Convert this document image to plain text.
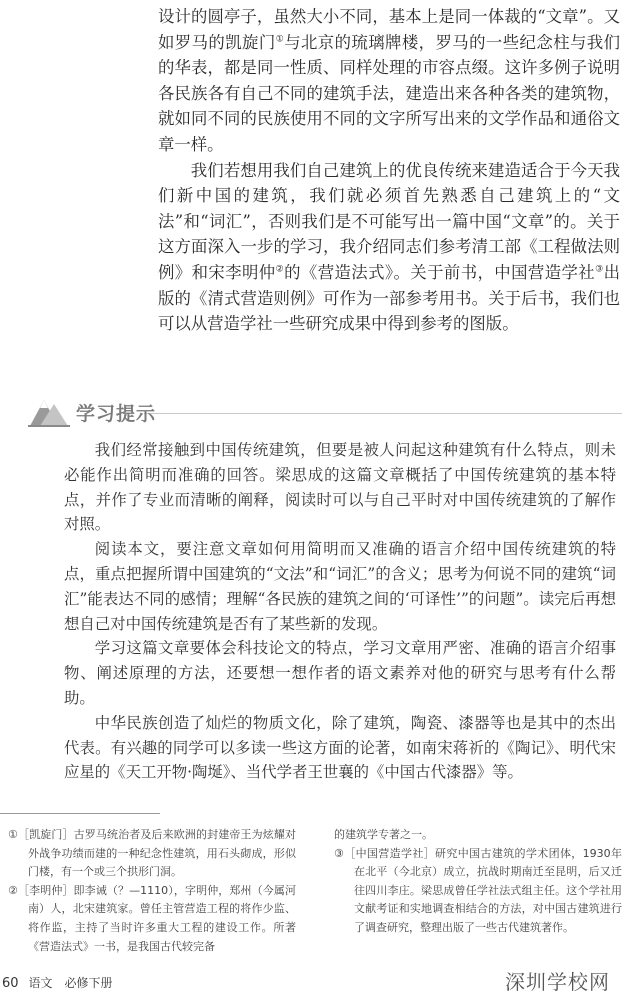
设计的圆亭子，虽然大小不同，基本上是同一体裁的“文章”。又如罗马的凯旋门①与北京的琉璃牌楼，罗马的一些纪念柱与我们的华表，都是同一性质、同样处理的市容点缀。这许多例子说明各民族各有自己不同的建筑手法，建造出来各种各类的建筑物，就如同不同的民族使用不同的文字所写出来的文学作品和通俗文章一样。

我们若想用我们自己建筑上的优良传统来建造适合于今天我们新中国的建筑，我们就必须首先熟悉自己建筑上的“文法”和“词汇”，否则我们是不可能写出一篇中国“文章”的。关于这方面深入一步的学习，我介绍同志们参考清工部《工程做法则例》和宋李明仲②的《营造法式》。关于前书，中国营造学社③出版的《清式营造则例》可作为一部参考用书。关于后书，我们也可以从营造学社一些研究成果中得到参考的图版。

学习提示

我们经常接触到中国传统建筑，但要是被人问起这种建筑有什么特点，则未必能作出简明而准确的回答。梁思成的这篇文章概括了中国传统建筑的基本特点，并作了专业而清晰的阐释，阅读时可以与自己平时对中国传统建筑的了解作对照。

阅读本文，要注意文章如何用简明而又准确的语言介绍中国传统建筑的特点，重点把握所谓中国建筑的“文法”和“词汇”的含义；思考为何说不同的建筑“词汇”能表达不同的感情；理解“各民族的建筑之间的‘可译性’”的问题”。读完后再想想自己对中国传统建筑是否有了某些新的发现。

学习这篇文章要体会科技论文的特点，学习文章用严密、准确的语言介绍事物、阐述原理的方法，还要想一想作者的语文素养对他的研究与思考有什么帮助。

中华民族创造了灿烂的物质文化，除了建筑，陶瓷、漆器等也是其中的杰出代表。有兴趣的同学可以多读一些这方面的论著，如南宋蒋祈的《陶记》、明代宋应星的《天工开物·陶埏》、当代学者王世襄的《中国古代漆器》等。

①［凯旋门］古罗马统治者及后来欧洲的封建帝王为炫耀对外战争功绩而建的一种纪念性建筑，用石头砌成，形似门楼，有一个或三个拱形门洞。

②［李明仲］即李诫（？—1110），字明仲，郑州（今属河南）人，北宋建筑家。曾任主管营造工程的将作少监、将作监，主持了当时许多重大工程的建设工作。所著《营造法式》一书，是我国古代较完备

的建筑学专著之一。

③［中国营造学社］研究中国古建筑的学术团体，1930年在北平（今北京）成立，抗战时期南迁至昆明，后又迁往四川李庄。梁思成曾任学社法式组主任。这个学社用文献考证和实地调查相结合的方法，对中国古建筑进行了调查研究，整理出版了一些古代建筑著作。

60 语文　必修下册	深圳学校网
